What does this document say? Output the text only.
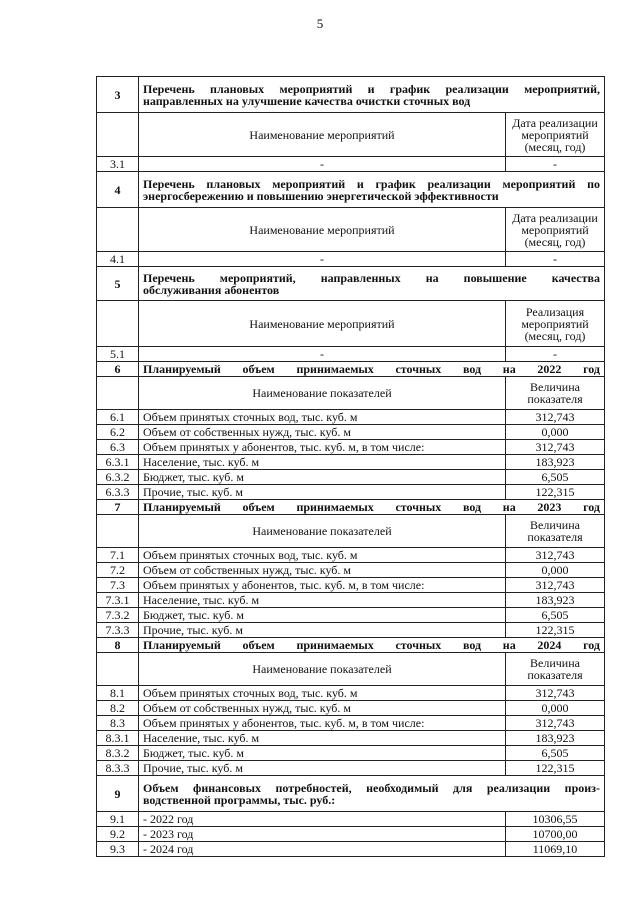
5
3	Перечень плановых мероприятий и график реализации мероприятий,
направленных на улучшение качества очистки сточных вод	

	Наименование мероприятий	Дата реализации мероприятий (месяц, год)
3.1	-	-
4	Перечень плановых мероприятий и график реализации мероприятий по
энергосбережению и повышению энергетической эффективности	

	Наименование мероприятий	Дата реализации мероприятий (месяц, год)
4.1	-	-
5	Перечень мероприятий, направленных на повышение качества
обслуживания абонентов	

	Наименование мероприятий	Реализация мероприятий (месяц, год)
5.1	-	-
6	Планируемый объем принимаемых сточных вод на 2022 год	
	Наименование показателей	Величина показателя
6.1	Объем принятых сточных вод, тыс. куб. м	312,743
6.2	Объем от собственных нужд, тыс. куб. м	0,000
6.3	Объем принятых у абонентов, тыс. куб. м, в том числе:	312,743
6.3.1	Население, тыс. куб. м	183,923
6.3.2	Бюджет, тыс. куб. м	6,505
6.3.3	Прочие, тыс. куб. м	122,315
7	Планируемый объем принимаемых сточных вод на 2023 год	
	Наименование показателей	Величина показателя
7.1	Объем принятых сточных вод, тыс. куб. м	312,743
7.2	Объем от собственных нужд, тыс. куб. м	0,000
7.3	Объем принятых у абонентов, тыс. куб. м, в том числе:	312,743
7.3.1	Население, тыс. куб. м	183,923
7.3.2	Бюджет, тыс. куб. м	6,505
7.3.3	Прочие, тыс. куб. м	122,315
8	Планируемый объем принимаемых сточных вод на 2024 год	
	Наименование показателей	Величина показателя
8.1	Объем принятых сточных вод, тыс. куб. м	312,743
8.2	Объем от собственных нужд, тыс. куб. м	0,000
8.3	Объем принятых у абонентов, тыс. куб. м, в том числе:	312,743
8.3.1	Население, тыс. куб. м	183,923
8.3.2	Бюджет, тыс. куб. м	6,505
8.3.3	Прочие, тыс. куб. м	122,315
9	Объем финансовых потребностей, необходимый для реализации произ-
водственной программы, тыс. руб.:	

9.1	- 2022 год	10306,55
9.2	- 2023 год	10700,00
9.3	- 2024 год	11069,10
